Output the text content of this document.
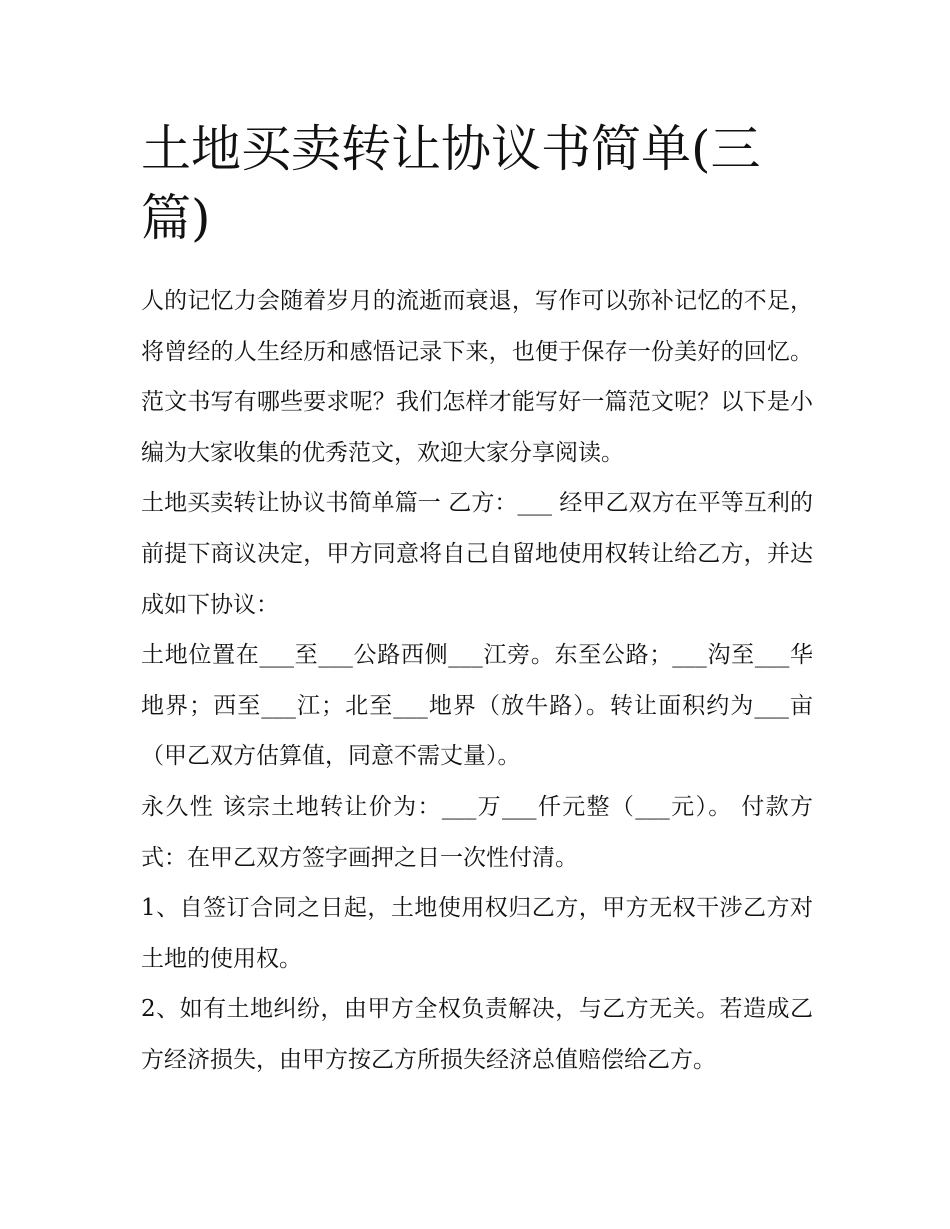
土地买卖转让协议书简单(三篇)

人的记忆力会随着岁月的流逝而衰退，写作可以弥补记忆的不足，将曾经的人生经历和感悟记录下来，也便于保存一份美好的回忆。范文书写有哪些要求呢？我们怎样才能写好一篇范文呢？以下是小编为大家收集的优秀范文，欢迎大家分享阅读。

土地买卖转让协议书简单篇一 乙方：___ 经甲乙双方在平等互利的前提下商议决定，甲方同意将自己自留地使用权转让给乙方，并达成如下协议：

土地位置在___至___公路西侧___江旁。东至公路；___沟至___华地界；西至___江；北至___地界（放牛路）。转让面积约为___亩（甲乙双方估算值，同意不需丈量）。

永久性 该宗土地转让价为：___万___仟元整（___元）。 付款方式：在甲乙双方签字画押之日一次性付清。

1、自签订合同之日起，土地使用权归乙方，甲方无权干涉乙方对土地的使用权。

2、如有土地纠纷，由甲方全权负责解决，与乙方无关。若造成乙方经济损失，由甲方按乙方所损失经济总值赔偿给乙方。
